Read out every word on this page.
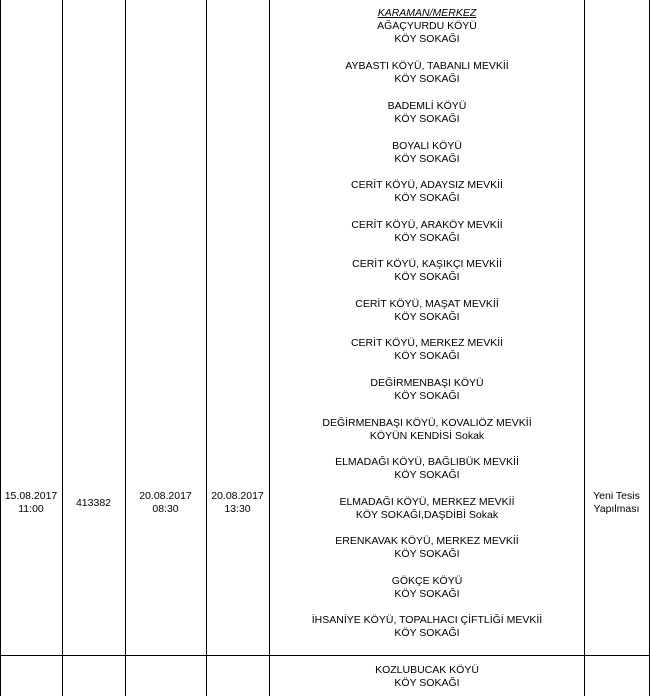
15.08.2017
11:00	413382
20.08.2017
08:30
20.08.2017
13:30
Yeni Tesis
Yapılması
KARAMAN/MERKEZ
AĞAÇYURDU KÖYÜ
KÖY SOKAĞI
AYBASTI KÖYÜ, TABANLI MEVKİİ
KÖY SOKAĞI
BADEMLİ KÖYÜ
KÖY SOKAĞI
BOYALI KÖYÜ
KÖY SOKAĞI
CERİT KÖYÜ, ADAYSIZ MEVKİİ
KÖY SOKAĞI
CERİT KÖYÜ, ARAKÖY MEVKİİ
KÖY SOKAĞI
CERİT KÖYÜ, KAŞIKÇI MEVKİİ
KÖY SOKAĞI
CERİT KÖYÜ, MAŞAT MEVKİİ
KÖY SOKAĞI
CERİT KÖYÜ, MERKEZ MEVKİİ
KÖY SOKAĞI
DEĞİRMENBAŞI KÖYÜ
KÖY SOKAĞI
DEĞİRMENBAŞI KÖYÜ, KOVALIÖZ MEVKİİ
KÖYÜN KENDİSİ Sokak
ELMADAĞI KÖYÜ, BAĞLIBÜK MEVKİİ
KÖY SOKAĞI
ELMADAĞI KÖYÜ, MERKEZ MEVKİİ
KÖY SOKAĞI,DAŞDİBİ Sokak
ERENKAVAK KÖYÜ, MERKEZ MEVKİİ
KÖY SOKAĞI
GÖKÇE KÖYÜ
KÖY SOKAĞI
İHSANİYE KÖYÜ, TOPALHACI ÇİFTLİĞİ MEVKİİ
KÖY SOKAĞI
KOZLUBUCAK KÖYÜ
KÖY SOKAĞI
